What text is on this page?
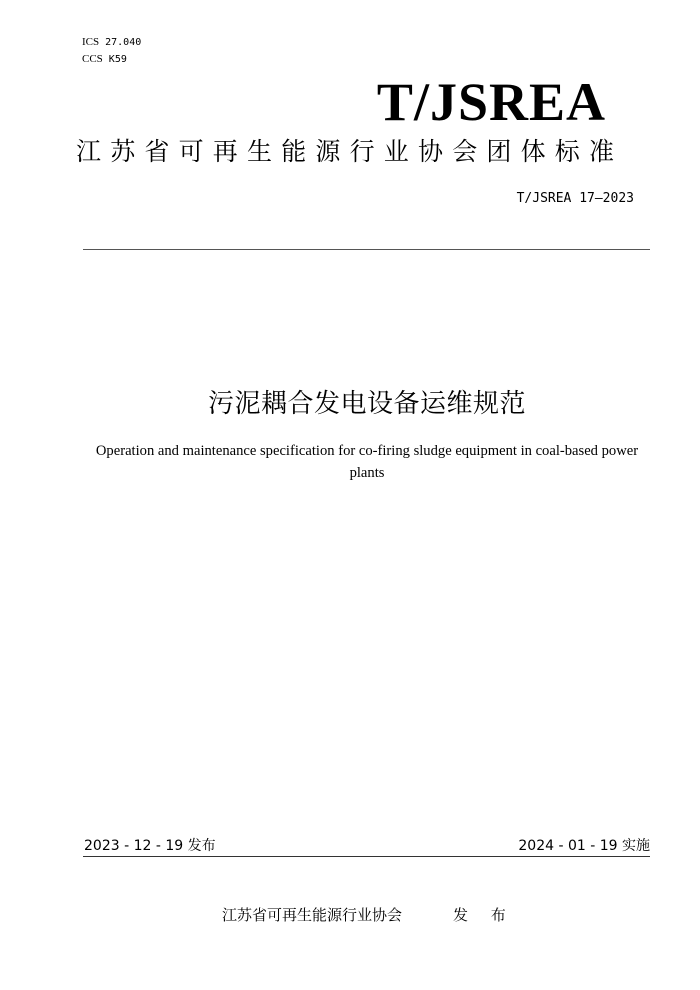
ICS 27.040
CCS K59
T/JSREA
江苏省可再生能源行业协会团体标准
T/JSREA 17—2023
污泥耦合发电设备运维规范
Operation and maintenance specification for co-firing sludge equipment in coal-based power plants
2023 - 12 - 19 发布	2024 - 01 - 19 实施
江苏省可再生能源行业协会	发 布
